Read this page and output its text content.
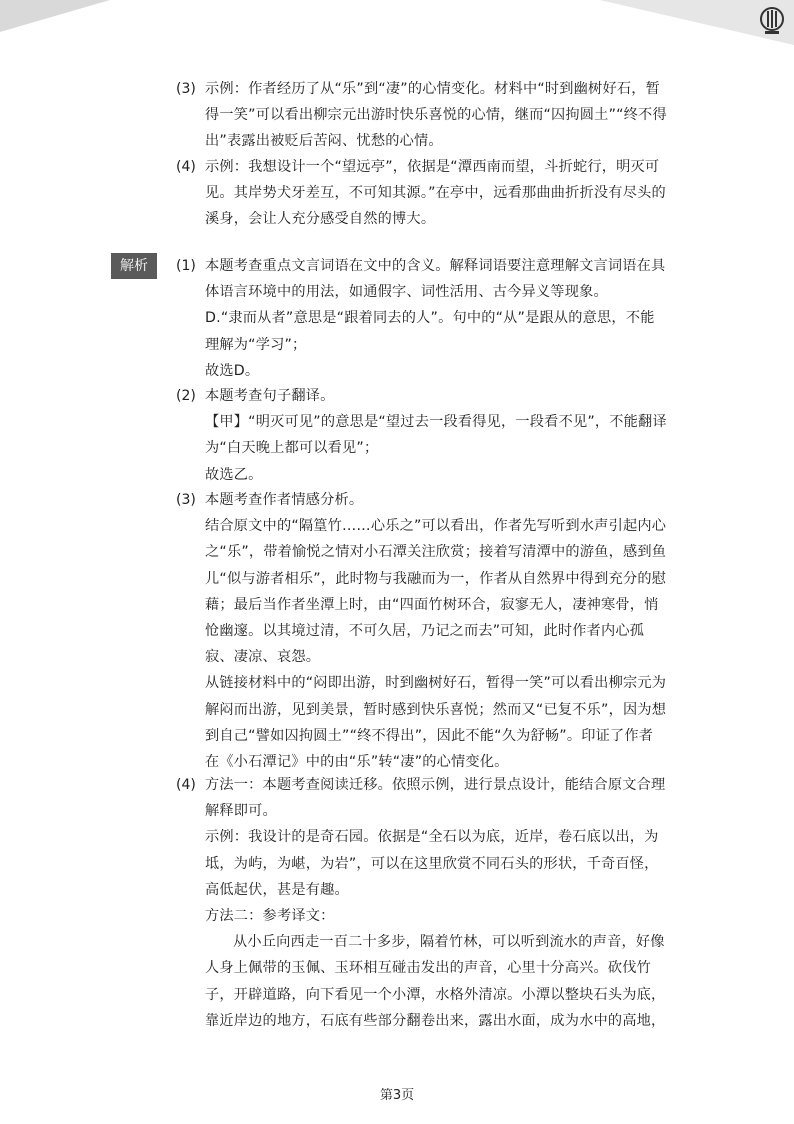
(3) 示例：作者经历了从“乐”到“凄”的心情变化。材料中“时到幽树好石，暂得一笑”可以看出柳宗元出游时快乐喜悦的心情，继而“囚拘圆土”“终不得出”表露出被贬后苦闷、忧愁的心情。

(4) 示例：我想设计一个“望远亭”，依据是“潭西南而望，斗折蛇行，明灭可见。其岸势犬牙差互，不可知其源。”在亭中，远看那曲曲折折没有尽头的溪身，会让人充分感受自然的博大。

解析	(1) 本题考查重点文言词语在文中的含义。解释词语要注意理解文言词语在具体语言环境中的用法，如通假字、词性活用、古今异义等现象。

D.“隶而从者”意思是“跟着同去的人”。句中的“从”是跟从的意思，不能理解为“学习”；

故选D。

(2) 本题考查句子翻译。

【甲】“明灭可见”的意思是“望过去一段看得见，一段看不见”，不能翻译为“白天晚上都可以看见”；

故选乙。

(3) 本题考查作者情感分析。

结合原文中的“隔篁竹……心乐之”可以看出，作者先写听到水声引起内心之“乐”，带着愉悦之情对小石潭关注欣赏；接着写清潭中的游鱼，感到鱼儿“似与游者相乐”，此时物与我融而为一，作者从自然界中得到充分的慰藉；最后当作者坐潭上时，由“四面竹树环合，寂寥无人，凄神寒骨，悄怆幽邃。以其境过清，不可久居，乃记之而去”可知，此时作者内心孤寂、凄凉、哀怨。

从链接材料中的“闷即出游，时到幽树好石，暂得一笑”可以看出柳宗元为解闷而出游，见到美景，暂时感到快乐喜悦；然而又“已复不乐”，因为想到自己“譬如囚拘圆土”“终不得出”，因此不能“久为舒畅”。印证了作者在《小石潭记》中的由“乐”转“凄”的心情变化。

(4) 方法一：本题考查阅读迁移。依照示例，进行景点设计，能结合原文合理解释即可。

示例：我设计的是奇石园。依据是“全石以为底，近岸，卷石底以出，为坻，为屿，为嵁，为岩”，可以在这里欣赏不同石头的形状，千奇百怪，高低起伏，甚是有趣。

方法二：参考译文：

从小丘向西走一百二十多步，隔着竹林，可以听到流水的声音，好像人身上佩带的玉佩、玉环相互碰击发出的声音，心里十分高兴。砍伐竹子，开辟道路，向下看见一个小潭，水格外清凉。小潭以整块石头为底，靠近岸边的地方，石底有些部分翻卷出来，露出水面，成为水中的高地，

第3页
